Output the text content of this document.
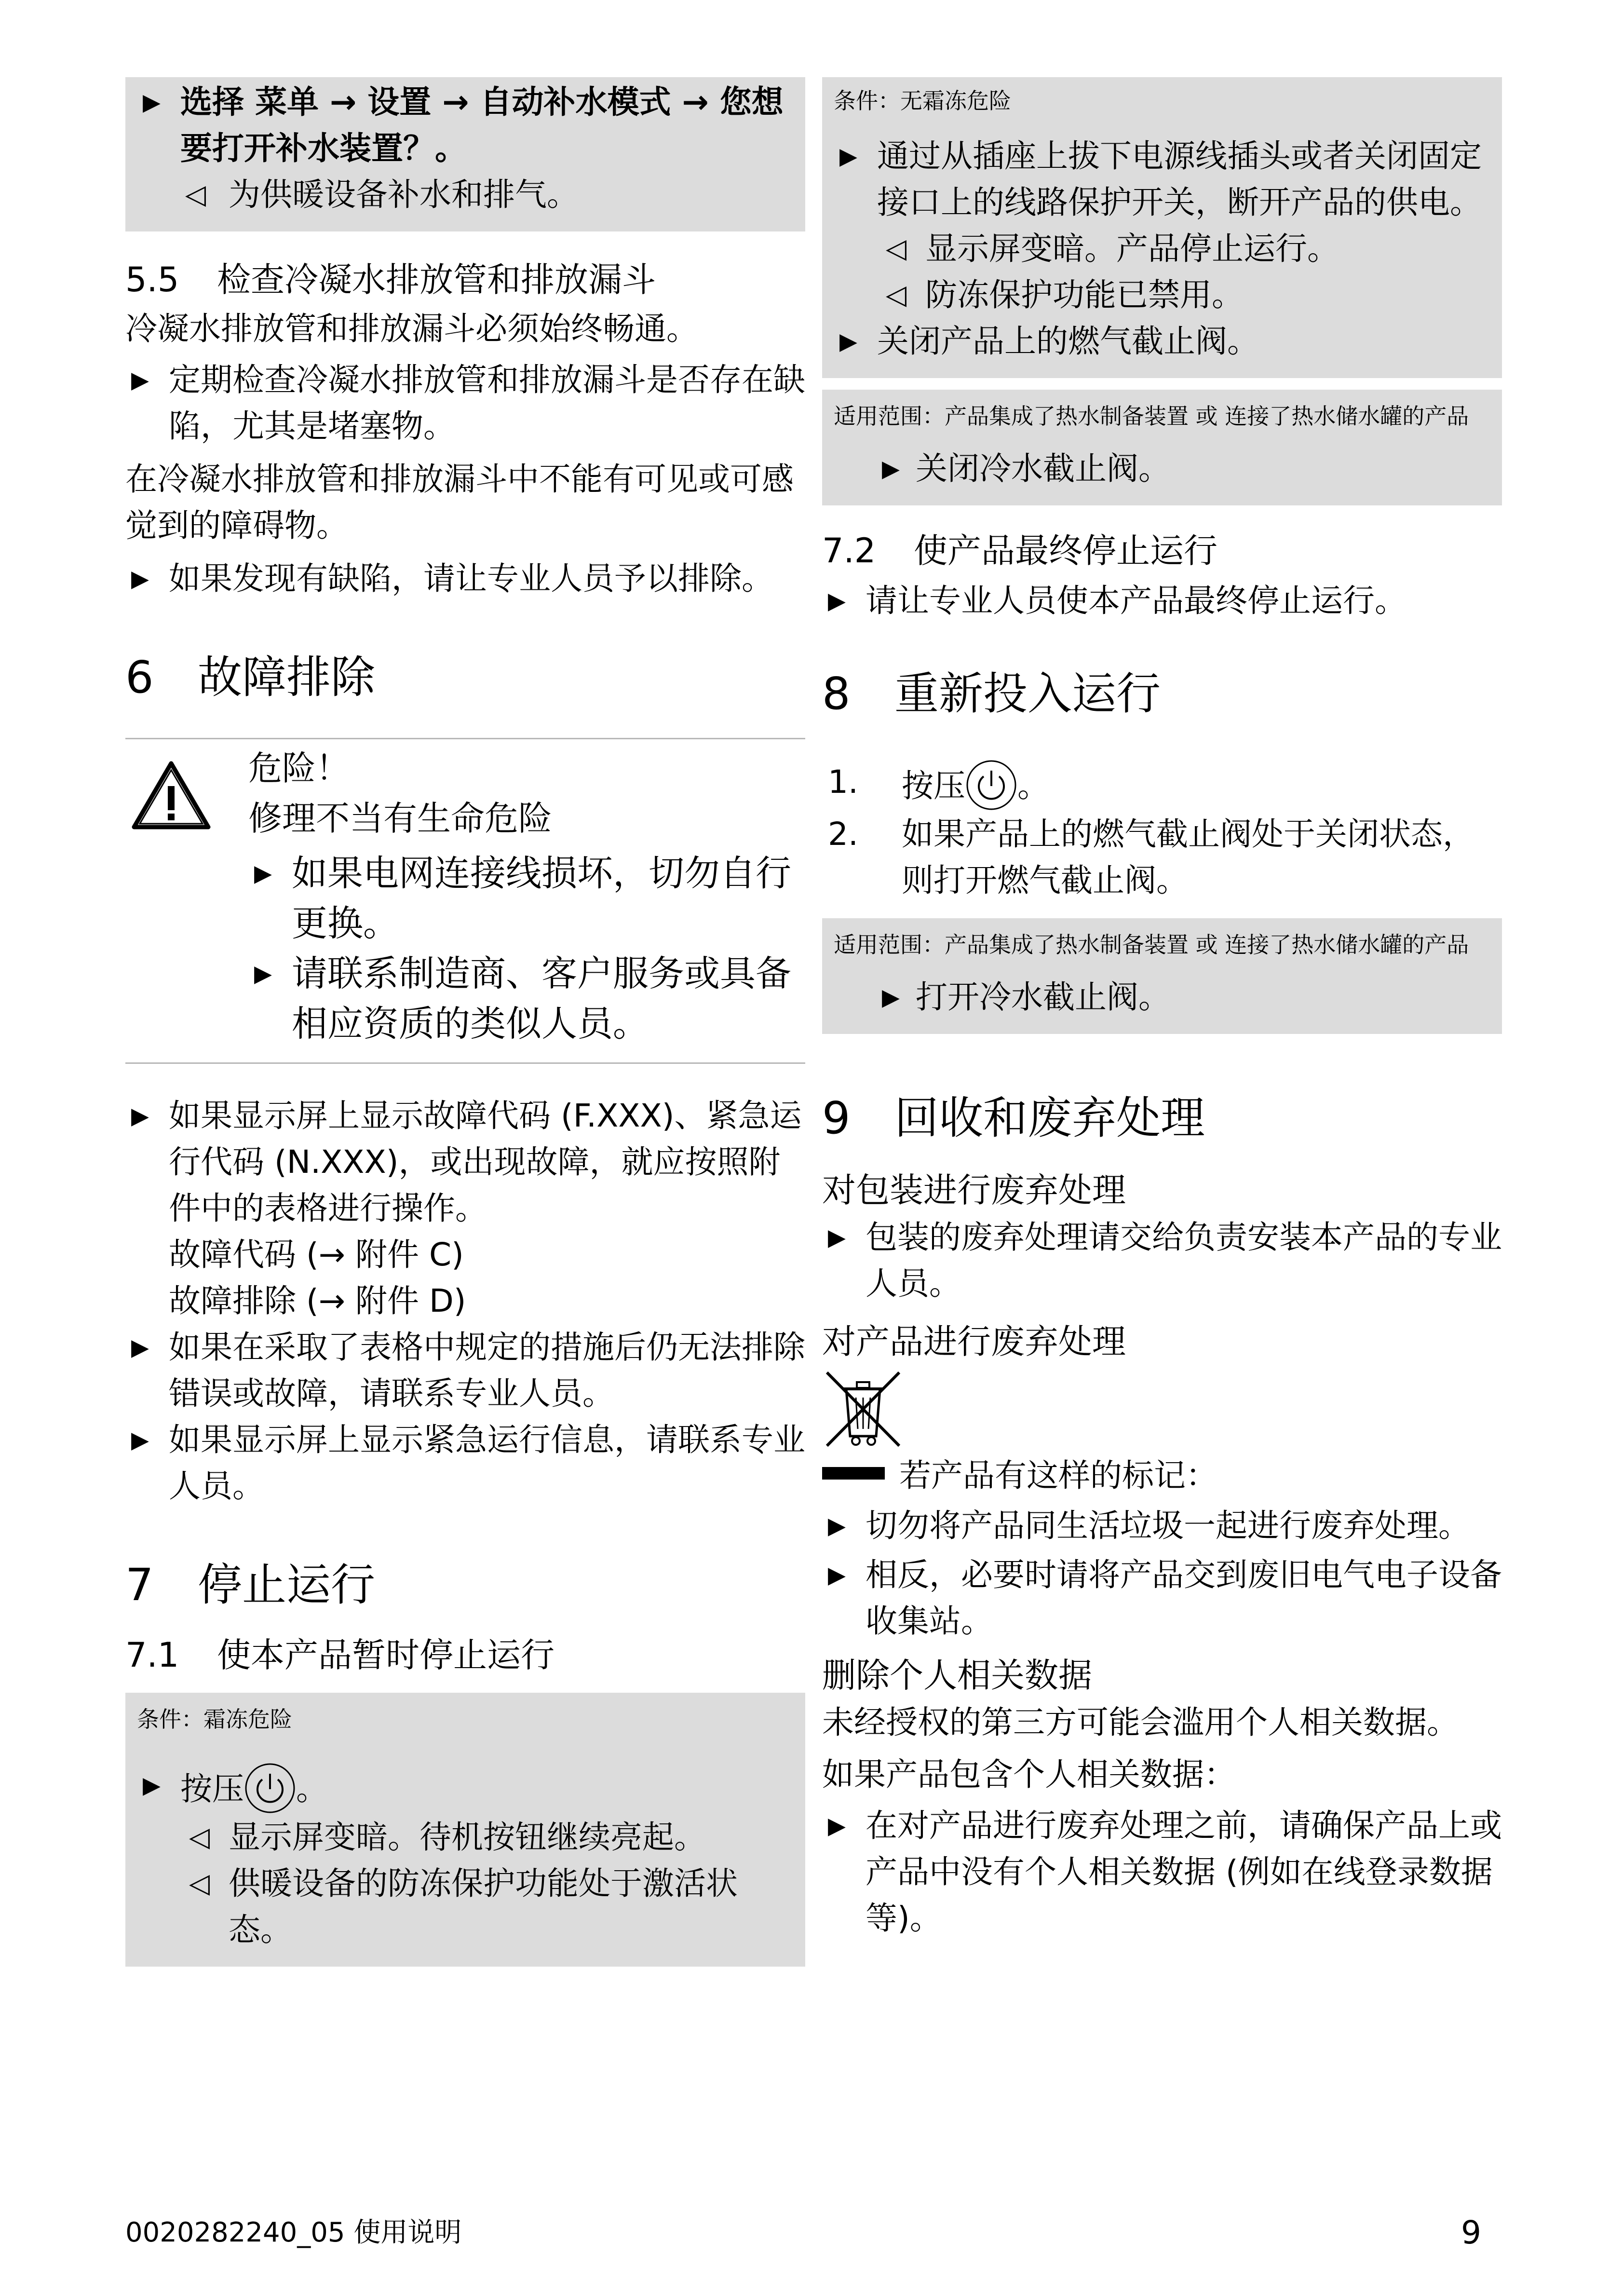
▶ 选择 菜单 → 设置 → 自动补水模式 → 您想要打开补水装置？。
◁ 为供暖设备补水和排气。
5.5 检查冷凝水排放管和排放漏斗
冷凝水排放管和排放漏斗必须始终畅通。
▶ 定期检查冷凝水排放管和排放漏斗是否存在缺陷，尤其是堵塞物。
在冷凝水排放管和排放漏斗中不能有可见或可感觉到的障碍物。
▶ 如果发现有缺陷，请让专业人员予以排除。
6 故障排除
危险！
修理不当有生命危险
▶ 如果电网连接线损坏，切勿自行更换。
▶ 请联系制造商、客户服务或具备相应资质的类似人员。
▶ 如果显示屏上显示故障代码 (F.XXX)、紧急运行代码 (N.XXX)，或出现故障，就应按照附件中的表格进行操作。
故障代码 (→ 附件 C)
故障排除 (→ 附件 D)
▶ 如果在采取了表格中规定的措施后仍无法排除错误或故障，请联系专业人员。
▶ 如果显示屏上显示紧急运行信息，请联系专业人员。
7 停止运行
7.1 使本产品暂时停止运行
条件：霜冻危险
▶ 按压 。
◁ 显示屏变暗。待机按钮继续亮起。
◁ 供暖设备的防冻保护功能处于激活状态。
条件：无霜冻危险
▶ 通过从插座上拔下电源线插头或者关闭固定接口上的线路保护开关，断开产品的供电。
◁ 显示屏变暗。产品停止运行。
◁ 防冻保护功能已禁用。
▶ 关闭产品上的燃气截止阀。
适用范围：产品集成了热水制备装置 或 连接了热水储水罐的产品
▶ 关闭冷水截止阀。
7.2 使产品最终停止运行
▶ 请让专业人员使本产品最终停止运行。
8 重新投入运行
1. 按压 。
2. 如果产品上的燃气截止阀处于关闭状态，则打开燃气截止阀。
适用范围：产品集成了热水制备装置 或 连接了热水储水罐的产品
▶ 打开冷水截止阀。
9 回收和废弃处理
对包装进行废弃处理
▶ 包装的废弃处理请交给负责安装本产品的专业人员。
对产品进行废弃处理
若产品有这样的标记：
▶ 切勿将产品同生活垃圾一起进行废弃处理。
▶ 相反，必要时请将产品交到废旧电气电子设备收集站。
删除个人相关数据
未经授权的第三方可能会滥用个人相关数据。
如果产品包含个人相关数据：
▶ 在对产品进行废弃处理之前，请确保产品上或产品中没有个人相关数据 (例如在线登录数据等)。
0020282240_05 使用说明	9
